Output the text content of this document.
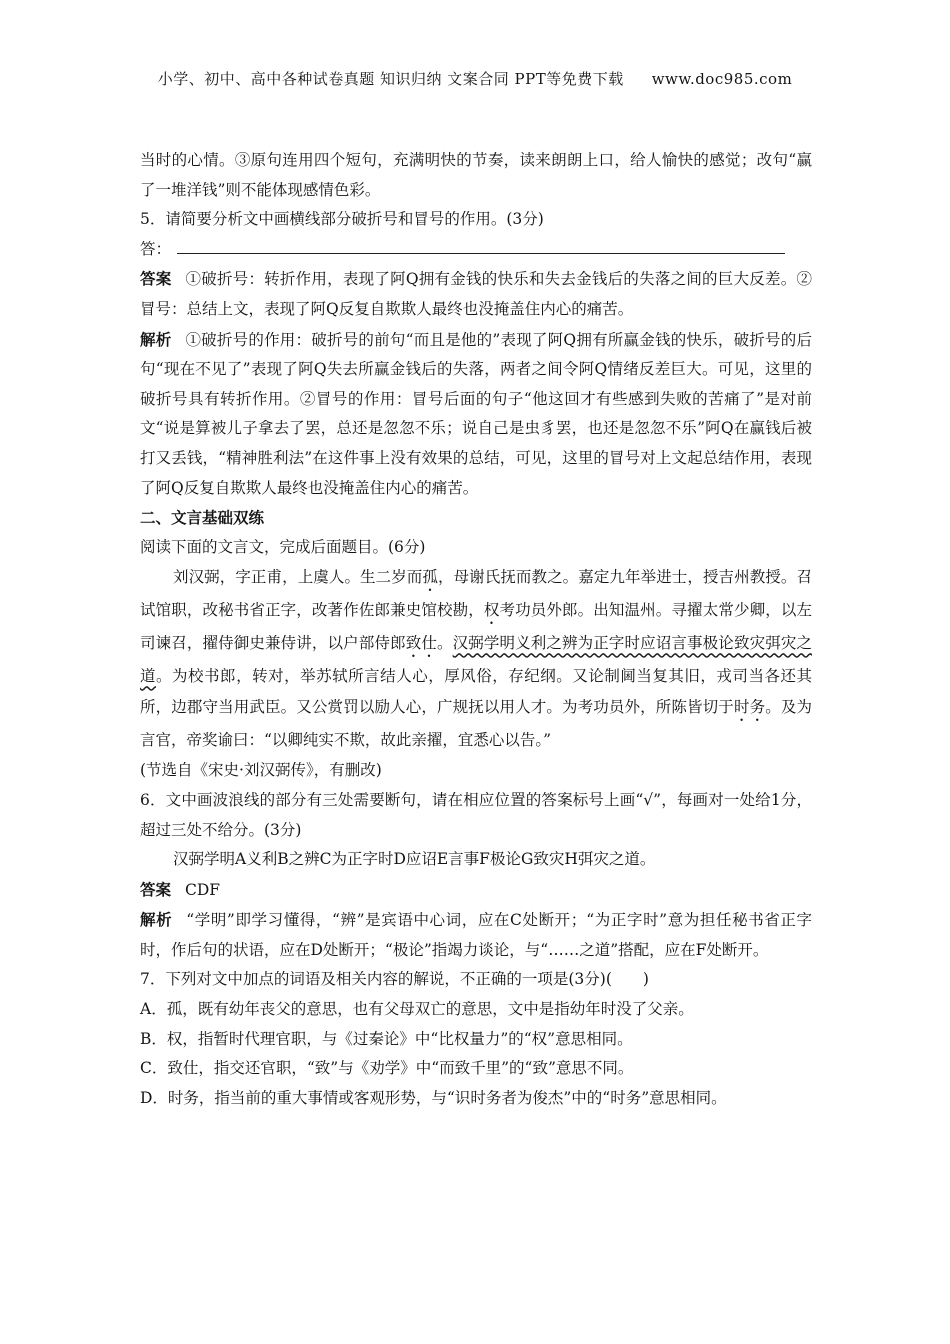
小学、初中、高中各种试卷真题 知识归纳 文案合同 PPT等免费下载 www.doc985.com

当时的心情。③原句连用四个短句，充满明快的节奏，读来朗朗上口，给人愉快的感觉；改句“赢了一堆洋钱”则不能体现感情色彩。

5．请简要分析文中画横线部分破折号和冒号的作用。(3分)

答：

答案 ①破折号：转折作用，表现了阿Q拥有金钱的快乐和失去金钱后的失落之间的巨大反差。②冒号：总结上文，表现了阿Q反复自欺欺人最终也没掩盖住内心的痛苦。

解析 ①破折号的作用：破折号的前句“而且是他的”表现了阿Q拥有所赢金钱的快乐，破折号的后句“现在不见了”表现了阿Q失去所赢金钱后的失落，两者之间令阿Q情绪反差巨大。可见，这里的破折号具有转折作用。②冒号的作用：冒号后面的句子“他这回才有些感到失败的苦痛了”是对前文“说是算被儿子拿去了罢，总还是忽忽不乐；说自己是虫豸罢，也还是忽忽不乐”阿Q在赢钱后被打又丢钱，“精神胜利法”在这件事上没有效果的总结，可见，这里的冒号对上文起总结作用，表现了阿Q反复自欺欺人最终也没掩盖住内心的痛苦。

二、文言基础双练

阅读下面的文言文，完成后面题目。(6分)

刘汉弼，字正甫，上虞人。生二岁而孤，母谢氏抚而教之。嘉定九年举进士，授吉州教授。召试馆职，改秘书省正字，改著作佐郎兼史馆校勘，权考功员外郎。出知温州。寻擢太常少卿，以左司谏召，擢侍御史兼侍讲，以户部侍郎致仕。汉弼学明义利之辨为正字时应诏言事极论致灾弭灾之道。为校书郎，转对，举苏轼所言结人心，厚风俗，存纪纲。又论制阃当复其旧，戎司当各还其所，边郡守当用武臣。又公赏罚以励人心，广规抚以用人才。为考功员外，所陈皆切于时务。及为言官，帝奖谕曰：“以卿纯实不欺，故此亲擢，宜悉心以告。”

(节选自《宋史·刘汉弼传》，有删改)

6．文中画波浪线的部分有三处需要断句，请在相应位置的答案标号上画“√”，每画对一处给1分，超过三处不给分。(3分)

汉弼学明A义利B之辨C为正字时D应诏E言事F极论G致灾H弭灾之道。

答案 CDF

解析 “学明”即学习懂得，“辨”是宾语中心词，应在C处断开；“为正字时”意为担任秘书省正字时，作后句的状语，应在D处断开；“极论”指竭力谈论，与“……之道”搭配，应在F处断开。

7．下列对文中加点的词语及相关内容的解说，不正确的一项是(3分)(　　)

A．孤，既有幼年丧父的意思，也有父母双亡的意思，文中是指幼年时没了父亲。

B．权，指暂时代理官职，与《过秦论》中“比权量力”的“权”意思相同。

C．致仕，指交还官职，“致”与《劝学》中“而致千里”的“致”意思不同。

D．时务，指当前的重大事情或客观形势，与“识时务者为俊杰”中的“时务”意思相同。
